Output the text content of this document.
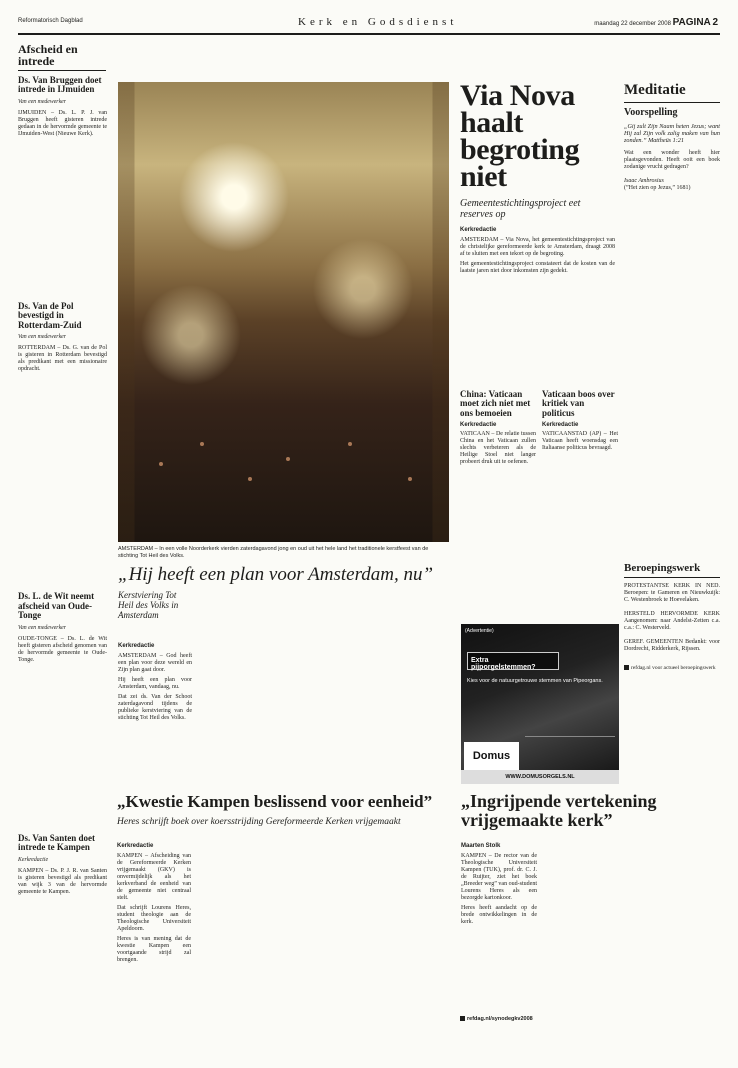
Reformatorisch Dagblad	Kerk en Godsdienst	maandag 22 december 2008 PAGINA 2
Afscheid en intrede
Ds. Van Bruggen doet intrede in IJmuiden
Van een medewerker

IJMUIDEN – Ds. L. P. J. van Bruggen heeft gisteren intrede gedaan in de hervormde gemeente te IJmuiden-West (Nieuwe Kerk).

Ds. Van de Pol bevestigd in Rotterdam-Zuid
Van een medewerker

ROTTERDAM – Ds. G. van de Pol is gisteren in Rotterdam bevestigd als predikant met een missionaire opdracht.

Ds. L. de Wit neemt afscheid van Oude-Tonge
Van een medewerker

OUDE-TONGE – Ds. L. de Wit heeft gisteren afscheid genomen van de hervormde gemeente te Oude-Tonge.

Ds. Van Santen doet intrede te Kampen
Kerkredactie

KAMPEN – Ds. P. J. R. van Santen is gisteren bevestigd als predikant van wijk 3 van de hervormde gemeente te Kampen.

AMSTERDAM – In een volle Noorderkerk vierden zaterdagavond jong en oud uit het hele land het traditionele kerstfeest van de stichting Tot Heil des Volks.
„Hij heeft een plan voor Amsterdam, nu”
Kerstviering Tot Heil des Volks in Amsterdam
Kerkredactie

AMSTERDAM – God heeft een plan voor deze wereld en Zijn plan gaat door.

Hij heeft een plan voor Amsterdam, vandaag, nu.

Dat zei ds. Van der Schoot zaterdagavond tijdens de publieke kerstviering van de stichting Tot Heil des Volks.

Via Nova haalt begroting niet
Gemeentestichtingsproject eet reserves op
Kerkredactie

AMSTERDAM – Via Nova, het gemeentestichtingsproject van de christelijke gereformeerde kerk te Amsterdam, draagt 2008 af te sluiten met een tekort op de begroting.

Het gemeentestichtingsproject constateert dat de kosten van de laatste jaren niet door inkomsten zijn gedekt.

China: Vaticaan moet zich niet met ons bemoeien
Kerkredactie
VATICAAN – De relatie tussen China en het Vaticaan zullen slechts verbeteren als de Heilige Stoel niet langer probeert druk uit te oefenen.
Vaticaan boos over kritiek van politicus
Kerkredactie
VATICAANSTAD (AP) – Het Vaticaan heeft woensdag een Italiaanse politicus bevraagd.
(Advertentie)
Extra pijporgelstemmen?
Kies voor de natuurgetrouwe stemmen van Pipeorgans.
Domus
WWW.DOMUSORGELS.NL
Meditatie
Voorspelling
„Gij zult Zijn Naam heten Jezus; want Hij zal Zijn volk zalig maken van hun zonden.” Mattheüs 1:21
Wat een wonder heeft hier plaatsgevonden. Heeft ooit een boek zodanige vrucht gedragen?
Isaac Ambrosius
(”Het zien op Jezus,” 1681)
Beroepingswerk
PROTESTANTSE KERK IN NED. Beroepen: te Gameren en Nieuwkuijk: C. Westenbroek te Hoevelaken.
HERSTELD HERVORMDE KERK Aangenomen: naar Andelst-Zetten c.a. c.a.: C. Westerveld.
GEREF. GEMEENTEN Bedankt: voor Dordrecht, Ridderkerk, Rijssen.
refdag.nl voor actueel beroepingswerk
„Kwestie Kampen beslissend voor eenheid”
Heres schrijft boek over koersstrijding Gereformeerde Kerken vrijgemaakt
Kerkredactie

KAMPEN – Afscheiding van de Gereformeerde Kerken vrijgemaakt (GKV) is onvermijdelijk als het kerkverband de eenheid van de gemeente niet centraal stelt.

Dat schrijft Lourens Heres, student theologie aan de Theologische Universiteit Apeldoorn.

Heres is van mening dat de kwestie Kampen een voortgaande strijd zal brengen.

„Ingrijpende vertekening vrijgemaakte kerk”
Maarten Stolk

KAMPEN – De rector van de Theologische Universiteit Kampen (TUK), prof. dr. C. J. de Ruijter, ziet het boek „Breeder weg” van oud-student Lourens Heres als een bezorgde kartonkoor.

Heres heeft aandacht op de brede ontwikkelingen in de kerk.

refdag.nl/synodegkv2008
